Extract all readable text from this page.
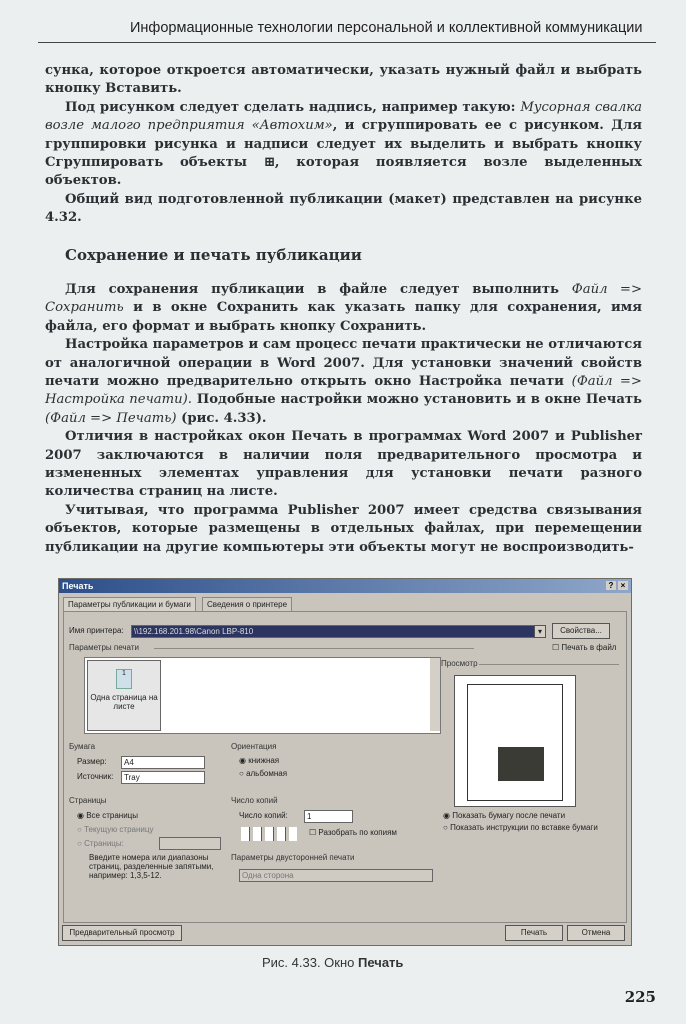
Информационные технологии персональной и коллективной коммуникации

сунка, которое откроется автоматически, указать нужный файл и выбрать кнопку Вставить.

Под рисунком следует сделать надпись, например такую: Мусорная свалка возле малого предприятия «Автохим», и сгруппировать ее с рисунком. Для группировки рисунка и надписи следует их выделить и выбрать кнопку Сгруппировать объекты ⊞, которая появляется возле выделенных объектов.

Общий вид подготовленной публикации (макет) представлен на рисунке 4.32.

Сохранение и печать публикации

Для сохранения публикации в файле следует выполнить Файл => Сохранить и в окне Сохранить как указать папку для сохранения, имя файла, его формат и выбрать кнопку Сохранить.

Настройка параметров и сам процесс печати практически не отличаются от аналогичной операции в Word 2007. Для установки значений свойств печати можно предварительно открыть окно Настройка печати (Файл => Настройка печати). Подобные настройки можно установить и в окне Печать (Файл => Печать) (рис. 4.33).

Отличия в настройках окон Печать в программах Word 2007 и Publisher 2007 заключаются в наличии поля предварительного просмотра и измененных элементах управления для установки печати разного количества страниц на листе.

Учитывая, что программа Publisher 2007 имеет средства связывания объектов, которые размещены в отдельных файлах, при перемещении публикации на другие компьютеры эти объекты могут не воспроизводить-

Печать	? ×
Параметры публикации и бумаги	Сведения о принтере
Имя принтера:	\\192.168.201.98\Canon LBP-810	▾	Свойства...
Параметры печати	☐ Печать в файл
1
Одна страница на листе
Просмотр
◉ Показать бумагу после печати
○ Показать инструкции по вставке бумаги
Бумага
Размер:	A4
Источник:	Tray
Ориентация
◉ книжная
○ альбомная
Страницы
◉ Все страницы
○ Текущую страницу
○ Страницы:
Введите номера или диапазоны страниц, разделенные запятыми, например: 1,3,5-12.
Число копий
Число копий:	1
☐ Разобрать по копиям
Параметры двусторонней печати
Одна сторона
Предварительный просмотр	Печать	Отмена
Рис. 4.33. Окно Печать
225
